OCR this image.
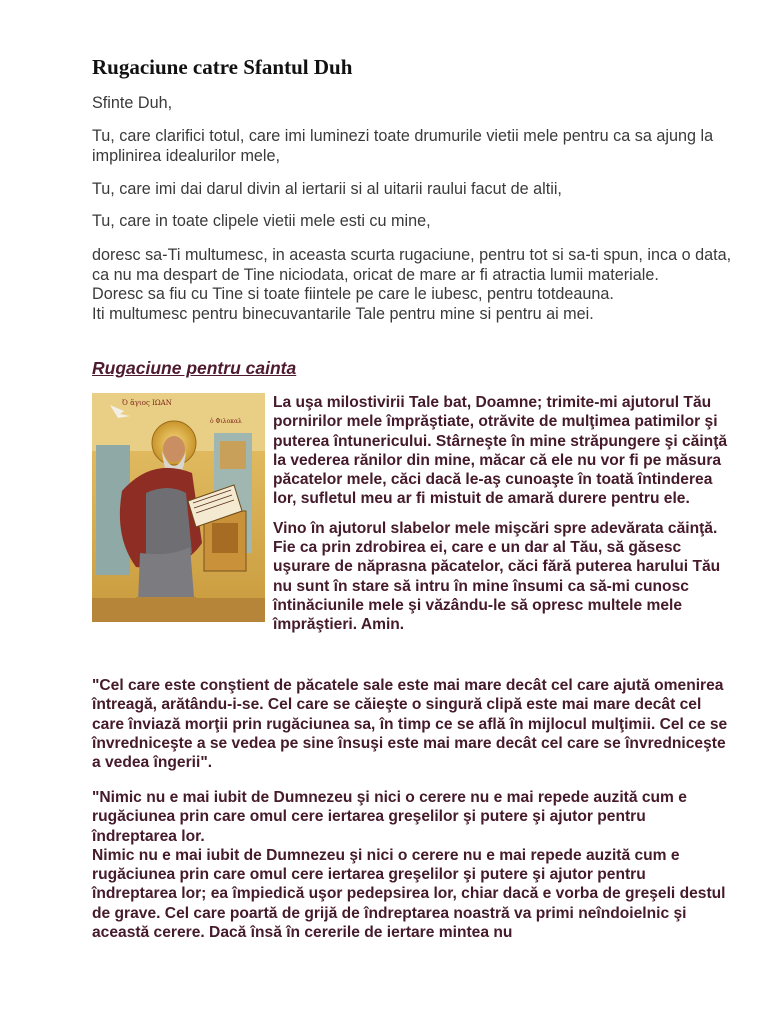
Rugaciune catre Sfantul Duh

Sfinte Duh,

Tu, care clarifici totul, care imi luminezi toate drumurile vietii mele pentru ca sa ajung la implinirea idealurilor mele,

Tu, care imi dai darul divin al iertarii si al uitarii raului facut de altii,

Tu, care in toate clipele vietii mele esti cu mine,

doresc sa-Ti multumesc, in aceasta scurta rugaciune, pentru tot si sa-ti spun, inca o data, ca nu ma despart de Tine niciodata, oricat de mare ar fi atractia lumii materiale.
Doresc sa fiu cu Tine si toate fiintele pe care le iubesc, pentru totdeauna.
Iti multumesc pentru binecuvantarile Tale pentru mine si pentru ai mei.
Rugaciune pentru cainta
Ό ἅγιος ΙΩΑΝ
ὁ Φιλοκαλ

La uşa milostivirii Tale bat, Doamne; trimite-mi ajutorul Tău pornirilor mele împrăştiate, otrăvite de mulţimea patimilor şi puterea întunericului. Stârneşte în mine străpungere şi căinţă la vederea rănilor din mine, măcar că ele nu vor fi pe măsura păcatelor mele, căci dacă le-aş cunoaşte în toată întinderea lor, sufletul meu ar fi mistuit de amară durere pentru ele.

Vino în ajutorul slabelor mele mişcări spre adevărata căinţă. Fie ca prin zdrobirea ei, care e un dar al Tău, să găsesc uşurare de năprasna păcatelor, căci fără puterea harului Tău nu sunt în stare să intru în mine însumi ca să-mi cunosc întinăciunile mele şi văzându-le să opresc multele mele împrăştieri. Amin.

"Cel care este conştient de păcatele sale este mai mare decât cel care ajută omenirea întreagă, arătându-i-se. Cel care se căieşte o singură clipă este mai mare decât cel care înviază morţii prin rugăciunea sa, în timp ce se află în mijlocul mulţimii. Cel ce se învredniceşte a se vedea pe sine însuşi este mai mare decât cel care se învredniceşte a vedea îngerii".

"Nimic nu e mai iubit de Dumnezeu şi nici o cerere nu e mai repede auzită cum e rugăciunea prin care omul cere iertarea greşelilor şi putere şi ajutor pentru îndreptarea lor.

Nimic nu e mai iubit de Dumnezeu şi nici o cerere nu e mai repede auzită cum e rugăciunea prin care omul cere iertarea greşelilor şi putere şi ajutor pentru îndreptarea lor; ea împiedică uşor pedepsirea lor, chiar dacă e vorba de greşeli destul de grave. Cel care poartă de grijă de îndreptarea noastră va primi neîndoielnic şi această cerere. Dacă însă în cererile de iertare mintea nu
